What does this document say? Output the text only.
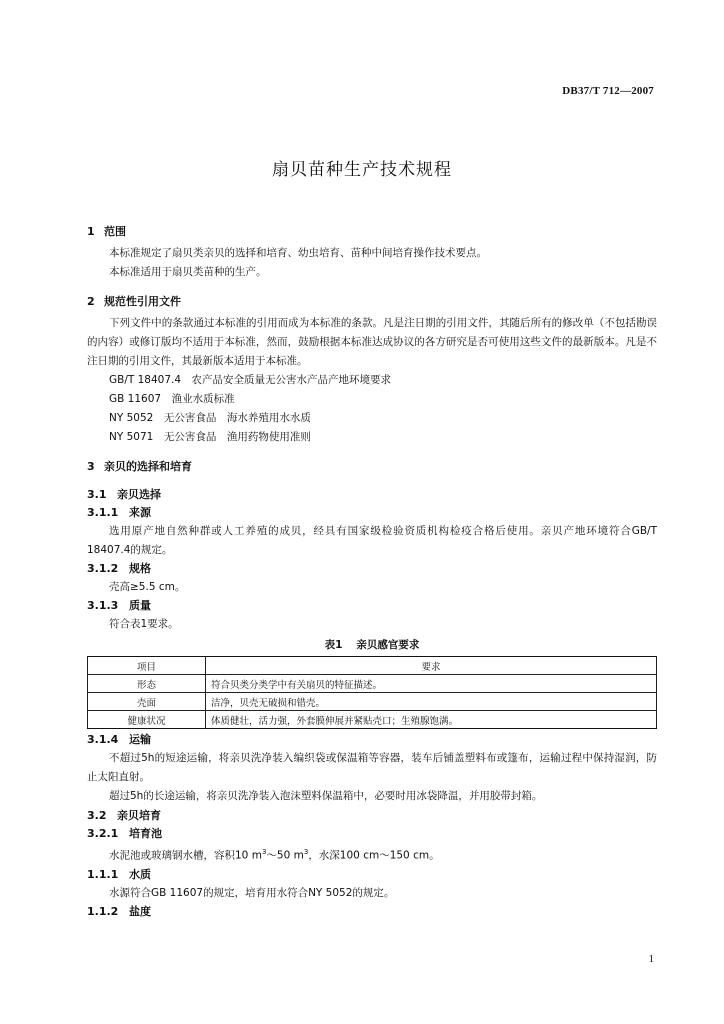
DB37/T 712—2007
扇贝苗种生产技术规程
1 范围

本标准规定了扇贝类亲贝的选择和培育、幼虫培育、苗种中间培育操作技术要点。

本标准适用于扇贝类苗种的生产。

2 规范性引用文件

下列文件中的条款通过本标准的引用而成为本标准的条款。凡是注日期的引用文件，其随后所有的修改单（不包括勘误的内容）或修订版均不适用于本标准，然而，鼓励根据本标准达成协议的各方研究是否可使用这些文件的最新版本。凡是不注日期的引用文件，其最新版本适用于本标准。

GB/T 18407.4　农产品安全质量无公害水产品产地环境要求

GB 11607　渔业水质标准

NY 5052　无公害食品　海水养殖用水水质

NY 5071　无公害食品　渔用药物使用准则

3 亲贝的选择和培育
3.1 亲贝选择
3.1.1 来源

选用原产地自然种群或人工养殖的成贝，经具有国家级检验资质机构检疫合格后使用。亲贝产地环境符合GB/T 18407.4的规定。

3.1.2 规格

壳高≥5.5 cm。

3.1.3 质量

符合表1要求。

表1 亲贝感官要求
项目	要求
形态	符合贝类分类学中有关扇贝的特征描述。
壳面	洁净，贝壳无破损和错壳。
健康状况	体质健壮，活力强，外套膜伸展并紧贴壳口；生殖腺饱满。
3.1.4 运输

不超过5h的短途运输，将亲贝洗净装入编织袋或保温箱等容器，装车后铺盖塑料布或篷布，运输过程中保持湿润，防止太阳直射。

超过5h的长途运输，将亲贝洗净装入泡沫塑料保温箱中，必要时用冰袋降温，并用胶带封箱。

3.2 亲贝培育
3.2.1 培育池

水泥池或玻璃钢水槽，容积10 $m^3\sim 50$ $m^3$，水深100 cm～150 cm。

1.1.1 水质

水源符合GB 11607的规定，培育用水符合NY 5052的规定。

1.1.2 盐度
1
